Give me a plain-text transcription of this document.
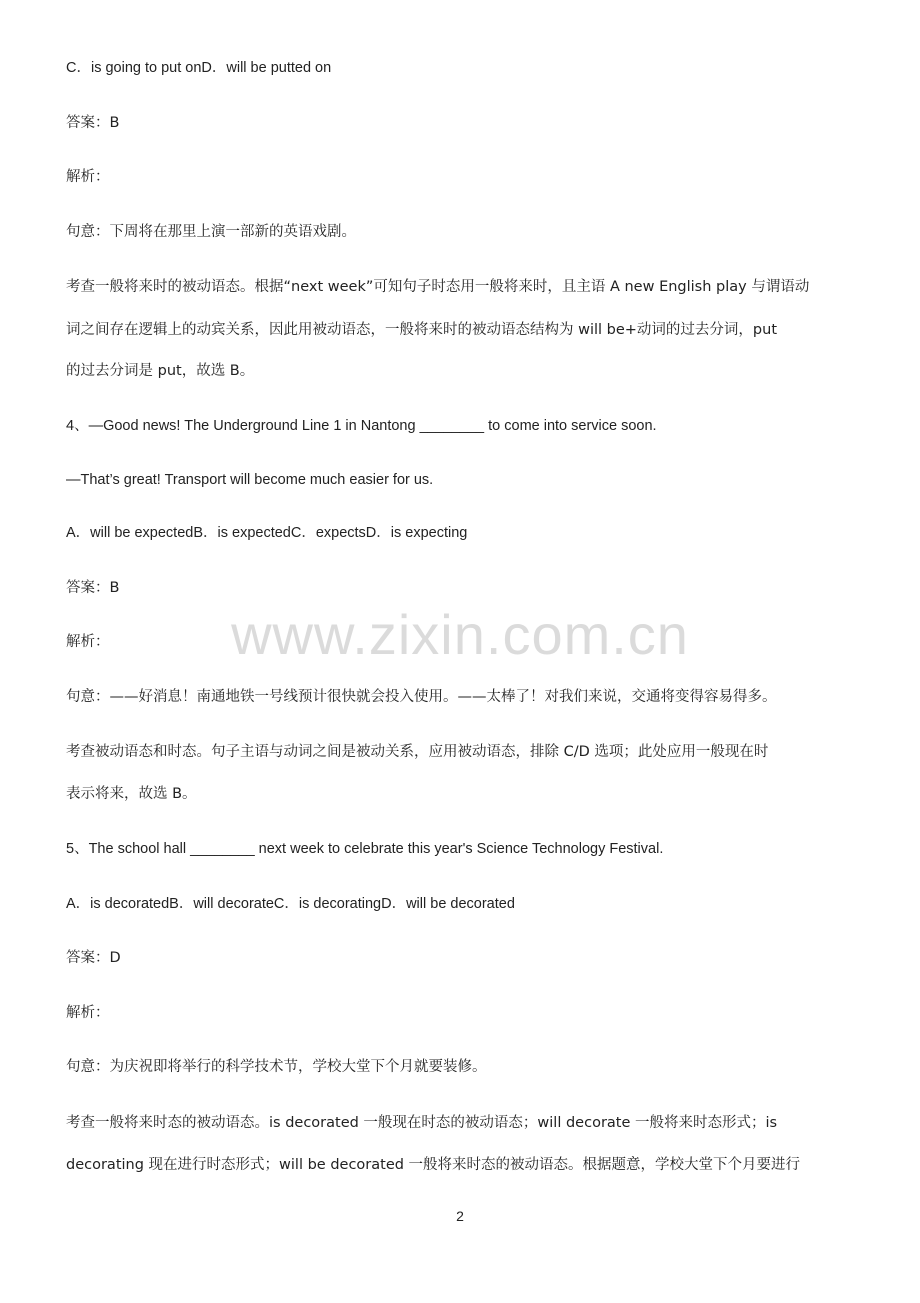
C．is going to put onD．will be putted on
答案：B
解析：
句意：下周将在那里上演一部新的英语戏剧。
考查一般将来时的被动语态。根据“next week”可知句子时态用一般将来时，且主语 A new English play 与谓语动
词之间存在逻辑上的动宾关系，因此用被动语态，一般将来时的被动语态结构为 will be+动词的过去分词，put
的过去分词是 put，故选 B。
4、—Good news! The Underground Line 1 in Nantong ________ to come into service soon.
—That’s great! Transport will become much easier for us.
A．will be expectedB．is expectedC．expectsD．is expecting
答案：B
解析：
句意：——好消息！南通地铁一号线预计很快就会投入使用。——太棒了！对我们来说，交通将变得容易得多。
考查被动语态和时态。句子主语与动词之间是被动关系，应用被动语态，排除 C/D 选项；此处应用一般现在时
表示将来，故选 B。
5、The school hall ________ next week to celebrate this year's Science Technology Festival.
A．is decoratedB．will decorateC．is decoratingD．will be decorated
答案：D
解析：
句意：为庆祝即将举行的科学技术节，学校大堂下个月就要装修。
考查一般将来时态的被动语态。is decorated 一般现在时态的被动语态；will decorate 一般将来时态形式；is
decorating 现在进行时态形式；will be decorated 一般将来时态的被动语态。根据题意，学校大堂下个月要进行
www.zixin.com.cn
2
